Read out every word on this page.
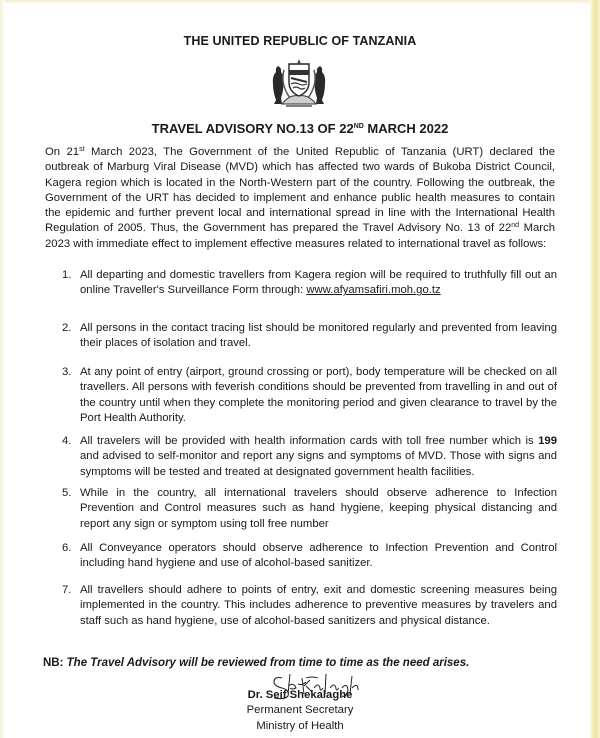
THE UNITED REPUBLIC OF TANZANIA
TRAVEL ADVISORY NO.13 OF 22ND MARCH 2022
On 21st March 2023, The Government of the United Republic of Tanzania (URT) declared the outbreak of Marburg Viral Disease (MVD) which has affected two wards of Bukoba District Council, Kagera region which is located in the North-Western part of the country. Following the outbreak, the Government of the URT has decided to implement and enhance public health measures to contain the epidemic and further prevent local and international spread in line with the International Health Regulation of 2005. Thus, the Government has prepared the Travel Advisory No. 13 of 22nd March 2023 with immediate effect to implement effective measures related to international travel as follows:
1. All departing and domestic travellers from Kagera region will be required to truthfully fill out an online Traveller's Surveillance Form through: www.afyamsafiri.moh.go.tz
2. All persons in the contact tracing list should be monitored regularly and prevented from leaving their places of isolation and travel.
3. At any point of entry (airport, ground crossing or port), body temperature will be checked on all travellers. All persons with feverish conditions should be prevented from travelling in and out of the country until when they complete the monitoring period and given clearance to travel by the Port Health Authority.
4. All travelers will be provided with health information cards with toll free number which is 199 and advised to self-monitor and report any signs and symptoms of MVD. Those with signs and symptoms will be tested and treated at designated government health facilities.
5. While in the country, all international travelers should observe adherence to Infection Prevention and Control measures such as hand hygiene, keeping physical distancing and report any sign or symptom using toll free number
6. All Conveyance operators should observe adherence to Infection Prevention and Control including hand hygiene and use of alcohol-based sanitizer.
7. All travellers should adhere to points of entry, exit and domestic screening measures being implemented in the country. This includes adherence to preventive measures by travelers and staff such as hand hygiene, use of alcohol-based sanitizers and physical distance.
NB: The Travel Advisory will be reviewed from time to time as the need arises.
Dr. Seif Shekalaghe
Permanent Secretary
Ministry of Health
